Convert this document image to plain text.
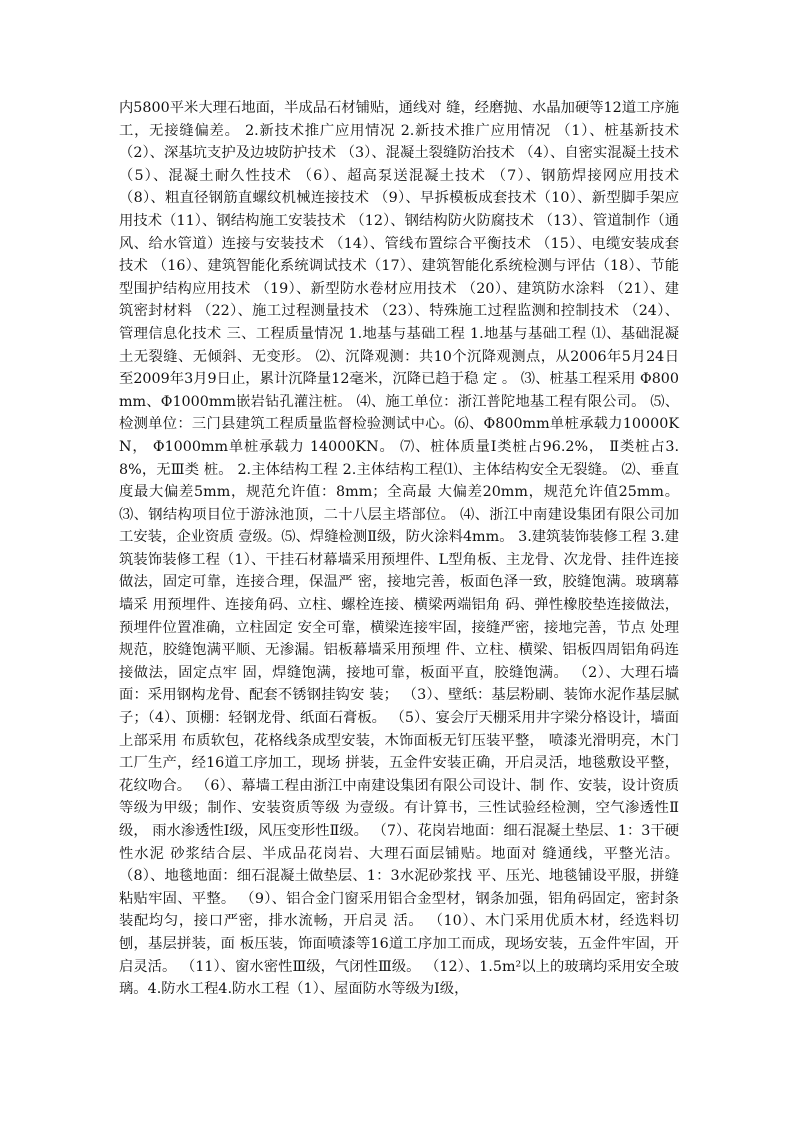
内5800平米大理石地面，半成品石材铺贴，通线对 缝，经磨抛、水晶加硬等12道工序施工，无接缝偏差。 2.新技术推广应用情况 2.新技术推广应用情况 （1）、桩基新技术 （2）、深基坑支护及边坡防护技术 （3）、混凝土裂缝防治技术 （4）、自密实混凝土技术 （5）、混凝土耐久性技术 （6）、超高泵送混凝土技术 （7）、钢筋焊接网应用技术 （8）、粗直径钢筋直螺纹机械连接技术 （9）、早拆模板成套技术（10）、新型脚手架应用技术（11）、钢结构施工安装技术 （12）、钢结构防火防腐技术 （13）、管道制作（通风、给水管道）连接与安装技术 （14）、管线布置综合平衡技术 （15）、电缆安装成套技术 （16）、建筑智能化系统调试技术（17）、建筑智能化系统检测与评估（18）、节能型围护结构应用技术 （19）、新型防水卷材应用技术 （20）、建筑防水涂料 （21）、建筑密封材料 （22）、施工过程测量技术 （23）、特殊施工过程监测和控制技术 （24）、管理信息化技术 三、工程质量情况 1.地基与基础工程 1.地基与基础工程 ⑴、基础混凝土无裂缝、无倾斜、无变形。 ⑵、沉降观测：共10个沉降观测点，从2006年5月24日 至2009年3月9日止，累计沉降量12毫米，沉降已趋于稳 定 。 ⑶、桩基工程采用 Φ800mm、Φ1000mm嵌岩钻孔灌注桩。 ⑷、施工单位：浙江普陀地基工程有限公司。 ⑸、检测单位：三门县建筑工程质量监督检验测试中心。⑹、Φ800mm单桩承载力10000KN， Φ1000mm单桩承载力 14000KN。 ⑺、桩体质量Ⅰ类桩占96.2%， Ⅱ类桩占3.8%，无Ⅲ类 桩。 2.主体结构工程 2.主体结构工程⑴、主体结构安全无裂缝。 ⑵、垂直度最大偏差5mm，规范允许值：8mm；全高最 大偏差20mm，规范允许值25mm。 ⑶、钢结构项目位于游泳池顶，二十八层主塔部位。 ⑷、浙江中南建设集团有限公司加工安装，企业资质 壹级。⑸、焊缝检测Ⅱ级，防火涂料4mm。 3.建筑装饰装修工程 3.建筑装饰装修工程（1）、干挂石材幕墙采用预埋件、L型角板、主龙骨、次龙骨、挂件连接做法，固定可靠，连接合理，保温严 密，接地完善，板面色泽一致，胶缝饱满。玻璃幕墙采 用预埋件、连接角码、立柱、螺栓连接、横梁两端铝角 码、弹性橡胶垫连接做法，预埋件位置准确，立柱固定 安全可靠，横梁连接牢固，接缝严密，接地完善，节点 处理规范，胶缝饱满平顺、无渗漏。铝板幕墙采用预埋 件、立柱、横梁、铝板四周铝角码连接做法，固定点牢 固，焊缝饱满，接地可靠，板面平直，胶缝饱满。 （2）、大理石墙面：采用钢构龙骨、配套不锈钢挂钩安 装； （3）、壁纸：基层粉刷、装饰水泥作基层腻子；（4）、顶棚：轻钢龙骨、纸面石膏板。 （5）、宴会厅天棚采用井字梁分格设计，墙面上部采用 布质软包，花格线条成型安装，木饰面板无钉压装平整， 喷漆光滑明亮，木门工厂生产，经16道工序加工，现场 拼装，五金件安装正确，开启灵活，地毯敷设平整，花纹吻合。 （6）、幕墙工程由浙江中南建设集团有限公司设计、制 作、安装，设计资质等级为甲级；制作、安装资质等级 为壹级。有计算书，三性试验经检测，空气渗透性Ⅱ级， 雨水渗透性Ⅰ级，风压变形性Ⅱ级。 （7）、花岗岩地面：细石混凝土垫层、1：3干硬性水泥 砂浆结合层、半成品花岗岩、大理石面层铺贴。地面对 缝通线，平整光洁。 （8）、地毯地面：细石混凝土做垫层、1：3水泥砂浆找 平、压光、地毯铺设平服，拼缝粘贴牢固、平整。 （9）、铝合金门窗采用铝合金型材，钢条加强，铝角码固定，密封条装配均匀，接口严密，排水流畅，开启灵 活。 （10）、木门采用优质木材，经选料切刨，基层拼装，面 板压装，饰面喷漆等16道工序加工而成，现场安装，五金件牢固，开启灵活。 （11）、窗水密性Ⅲ级，气闭性Ⅲ级。 （12）、1.5m²以上的玻璃均采用安全玻璃。4.防水工程4.防水工程（1）、屋面防水等级为Ⅰ级，
